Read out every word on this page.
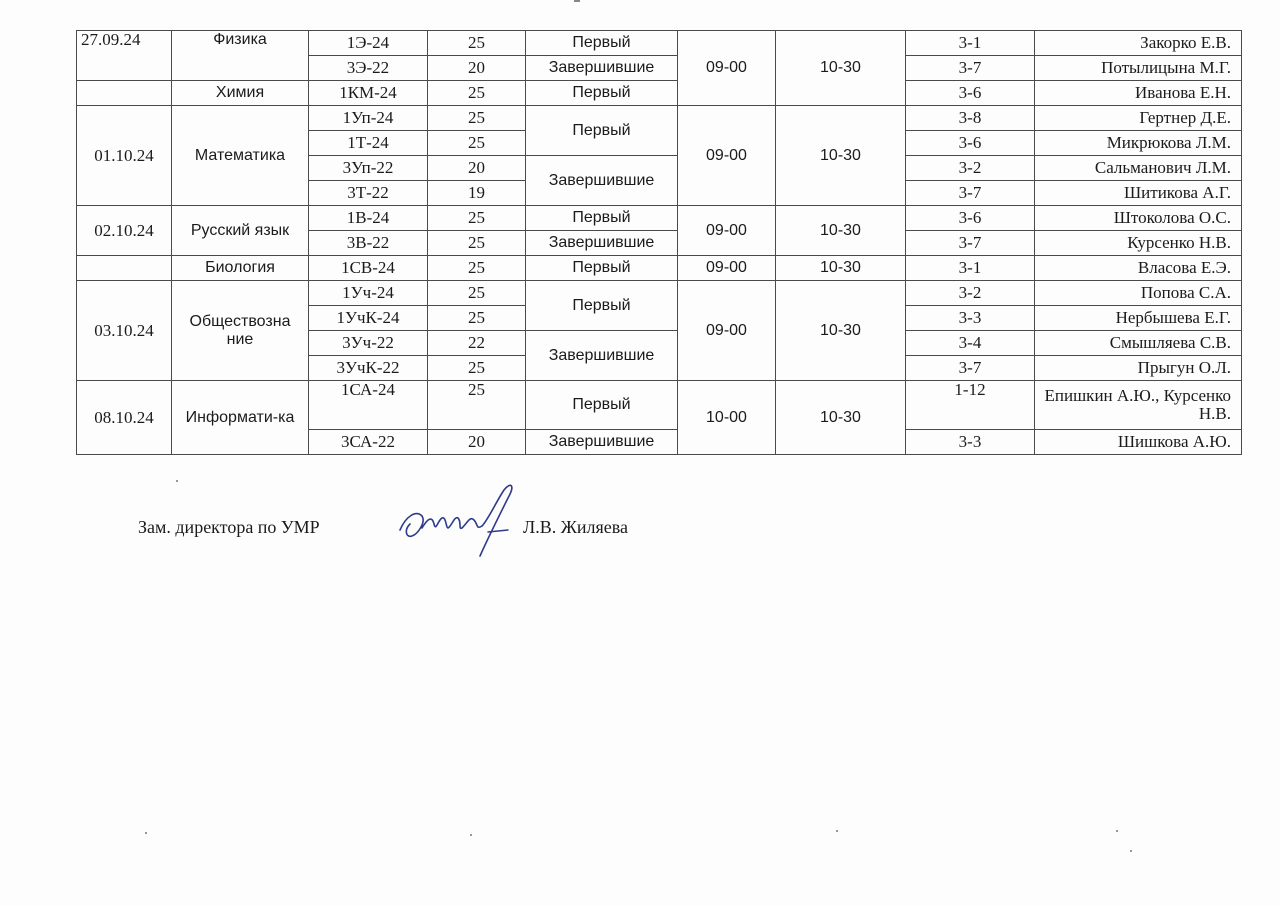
27.09.24	Физика	1Э-24	25	Первый	09-00	10-30	3-1	Закорко Е.В.
		3Э-22	20	Завершившие			3-7	Потылицына М.Г.
	Химия	1КМ-24	25	Первый			3-6	Иванова Е.Н.
01.10.24	Математика	1Уп-24	25	Первый	09-00	10-30	3-8	Гертнер Д.Е.
		1Т-24	25				3-6	Микрюкова Л.М.
		3Уп-22	20	Завершившие			3-2	Сальманович Л.М.
		3Т-22	19				3-7	Шитикова А.Г.
02.10.24	Русский язык	1В-24	25	Первый	09-00	10-30	3-6	Штоколова О.С.
		3В-22	25	Завершившие			3-7	Курсенко Н.В.
	Биология	1СВ-24	25	Первый	09-00	10-30	3-1	Власова Е.Э.
03.10.24	Обществозна ние	1Уч-24	25	Первый	09-00	10-30	3-2	Попова С.А.
		1УчК-24	25				3-3	Нербышева Е.Г.
		3Уч-22	22	Завершившие			3-4	Смышляева С.В.
		3УчК-22	25				3-7	Прыгун О.Л.
08.10.24	Информати-ка	1СА-24	25	Первый	10-00	10-30	1-12	Епишкин А.Ю., Курсенко Н.В.
		3СА-22	20	Завершившие			3-3	Шишкова А.Ю.
Зам. директора по УМР	Л.В. Жиляева
